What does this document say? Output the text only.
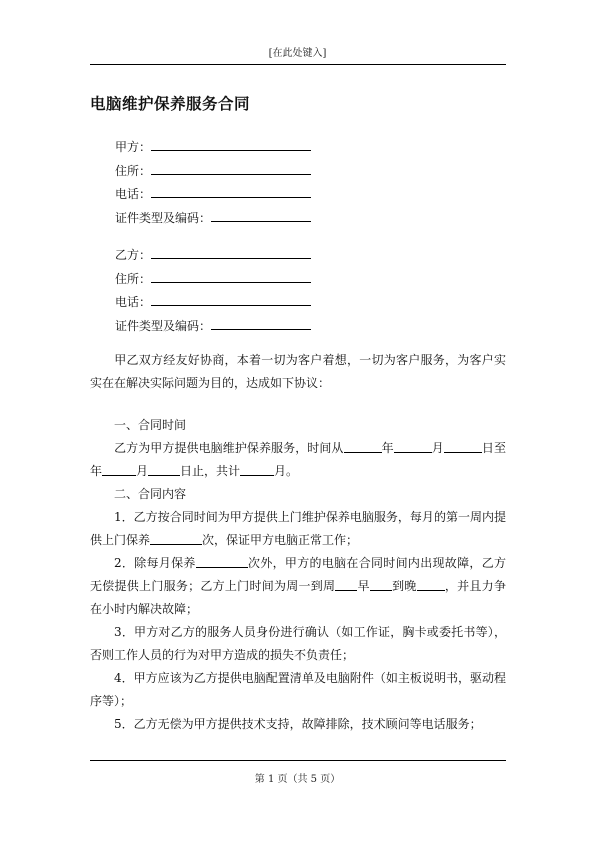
[在此处键入]
电脑维护保养服务合同
甲方：
住所：
电话：
证件类型及编码：
乙方：
住所：
电话：
证件类型及编码：
甲乙双方经友好协商，本着一切为客户着想，一切为客户服务，为客户实实在在解决实际问题为目的，达成如下协议：
一、合同时间
乙方为甲方提供电脑维护保养服务，时间从	年	月	日至年	月	日止，共计	月。
二、合同内容
1．乙方按合同时间为甲方提供上门维护保养电脑服务，每月的第一周内提供上门保养	次，保证甲方电脑正常工作；
2．除每月保养	次外，甲方的电脑在合同时间内出现故障，乙方无偿提供上门服务；乙方上门时间为周一到周 早 到晚 ，并且力争在小时内解决故障；
3．甲方对乙方的服务人员身份进行确认（如工作证，胸卡或委托书等），否则工作人员的行为对甲方造成的损失不负责任；
4．甲方应该为乙方提供电脑配置清单及电脑附件（如主板说明书，驱动程序等）；
5．乙方无偿为甲方提供技术支持，故障排除，技术顾问等电话服务；
第 1 页（共 5 页）
